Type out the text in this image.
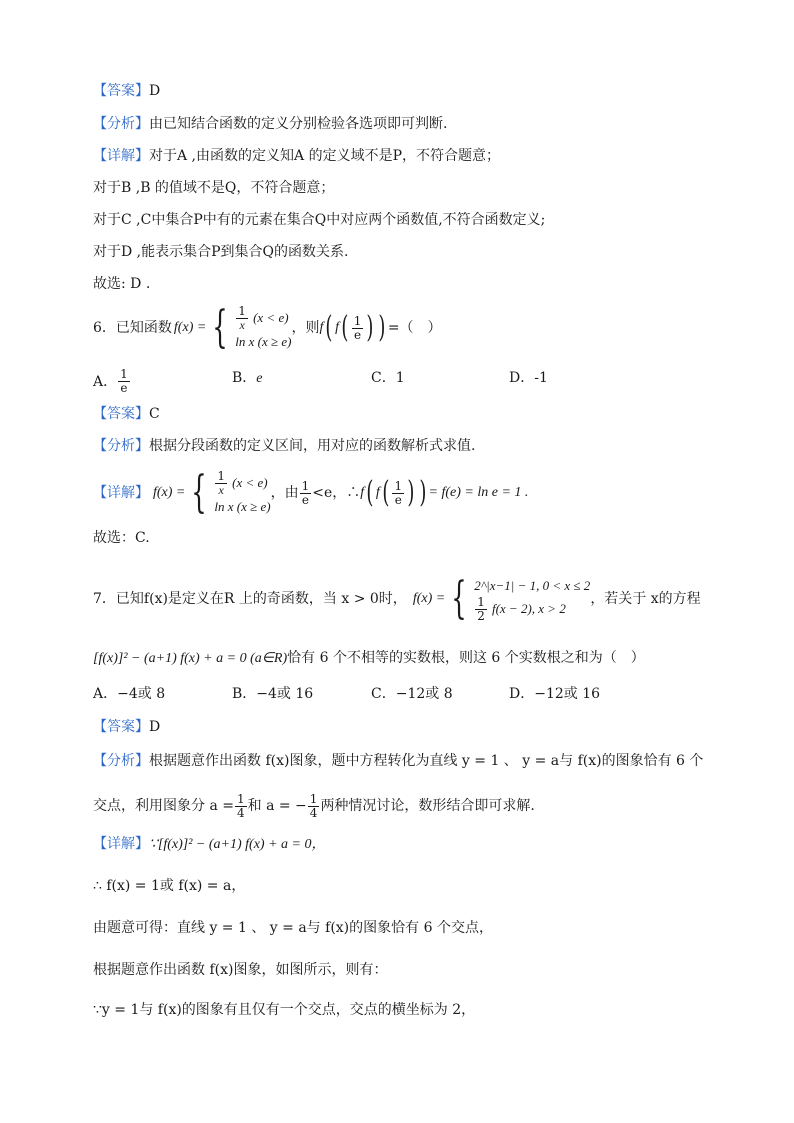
【答案】D
【分析】由已知结合函数的定义分别检验各选项即可判断.
【详解】对于A ,由函数的定义知A 的定义域不是P，不符合题意；
对于B ,B 的值域不是Q，不符合题意；
对于C ,C中集合P中有的元素在集合Q中对应两个函数值,不符合函数定义;
对于D ,能表示集合P到集合Q的函数关系.
故选: D .
6．已知函数 f(x) = { $\frac{1}{x} (x < e)$
ln x (x ≥ e)
，则 f ( f ( $\frac{1}{e}$ ) ) =（　）
A． $\frac{1}{e}$	B．e	C．1	D．-1
【答案】C
【分析】根据分段函数的定义区间，用对应的函数解析式求值.
【详解】 f(x) = { $\frac{1}{x} (x < e)$
ln x (x ≥ e)
，由 $\frac{1}{e} <e$，∴ f ( f ( $\frac{1}{e}$ ) ) = f(e) = ln e = 1 .
故选：C.
7．已知 f(x)是定义在R 上的奇函数，当 x > 0时， f(x) = { 2^|x−1| − 1, 0 < x ≤ 2
$\frac{1}{2} f(x - 2)$, x > 2
，若关于 x的方程
[f(x)]² − (a+1) f(x) + a = 0 (a∈R)恰有 6 个不相等的实数根，则这 6 个实数根之和为（　）
A．−4或 8	B．−4或 16	C．−12或 8	D．−12或 16
【答案】D
【分析】根据题意作出函数 f(x)图象，题中方程转化为直线 y = 1 、 y = a与 f(x)的图象恰有 6 个
交点，利用图象分 $a = \frac{1}{4}$ 和 a = − $\frac{1}{4}$ 两种情况讨论，数形结合即可求解.
【详解】∵[f(x)]² − (a+1) f(x) + a = 0，
∴ f(x) = 1或 f(x) = a，
由题意可得：直线 y = 1 、 y = a与 f(x)的图象恰有 6 个交点，
根据题意作出函数 f(x)图象，如图所示，则有：
∵y = 1与 f(x)的图象有且仅有一个交点，交点的横坐标为 2，
